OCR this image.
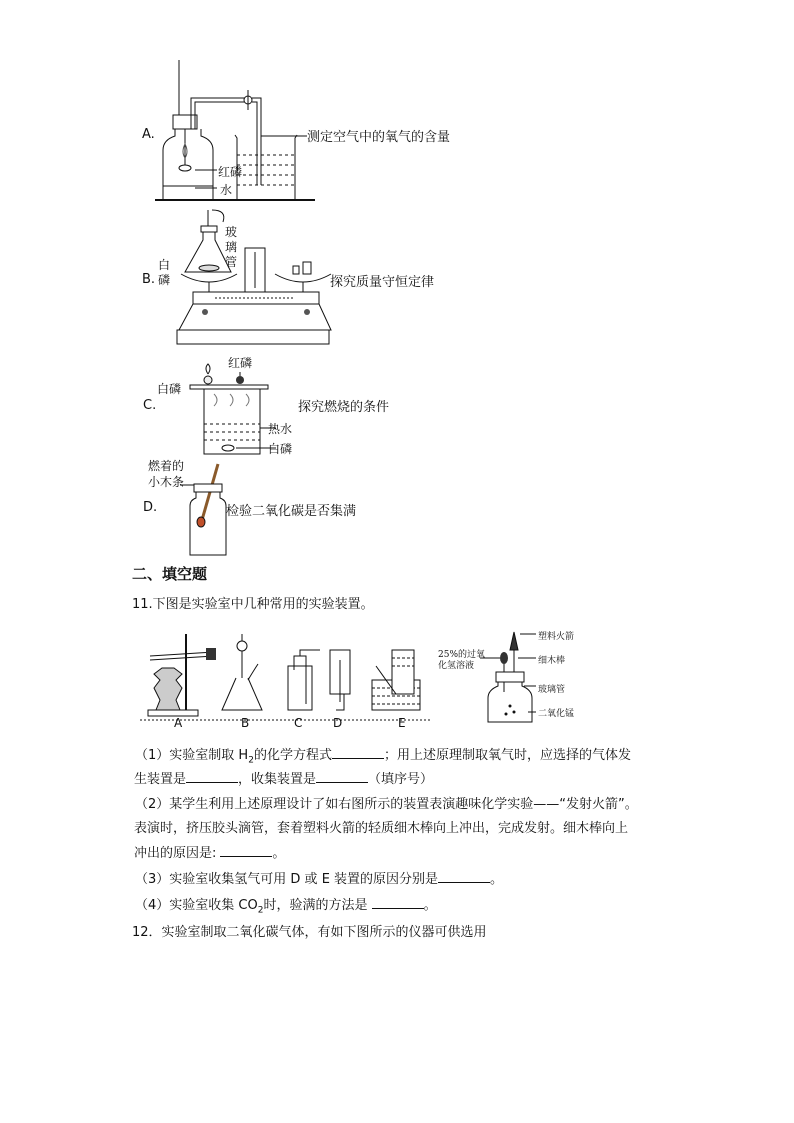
A.
红磷
水
测定空气中的氧气的含量
B.
玻
璃
管
白
磷	探究质量守恒定律
C.
红磷
白磷
探究燃烧的条件
热水
白磷
燃着的
小木条
D.	检验二氧化碳是否集满
二、填空题
11.下图是实验室中几种常用的实验装置。
A	B	C	D	E
25%的过氧
化氢溶液
塑料火箭
细木棒
玻璃管
二氧化锰
（1）实验室制取 $H_2$的化学方程式	；用上述原理制取氧气时，应选择的气体发
生装置是	，收集装置是	（填序号）
（2）某学生利用上述原理设计了如右图所示的装置表演趣味化学实验——“发射火箭”。
表演时，挤压胶头滴管，套着塑料火箭的轻质细木棒向上冲出，完成发射。细木棒向上
冲出的原因是:	。
（3）实验室收集氢气可用 D 或 E 装置的原因分别是	。
（4）实验室收集 $CO_2$时，验满的方法是	。
12．实验室制取二氧化碳气体，有如下图所示的仪器可供选用
